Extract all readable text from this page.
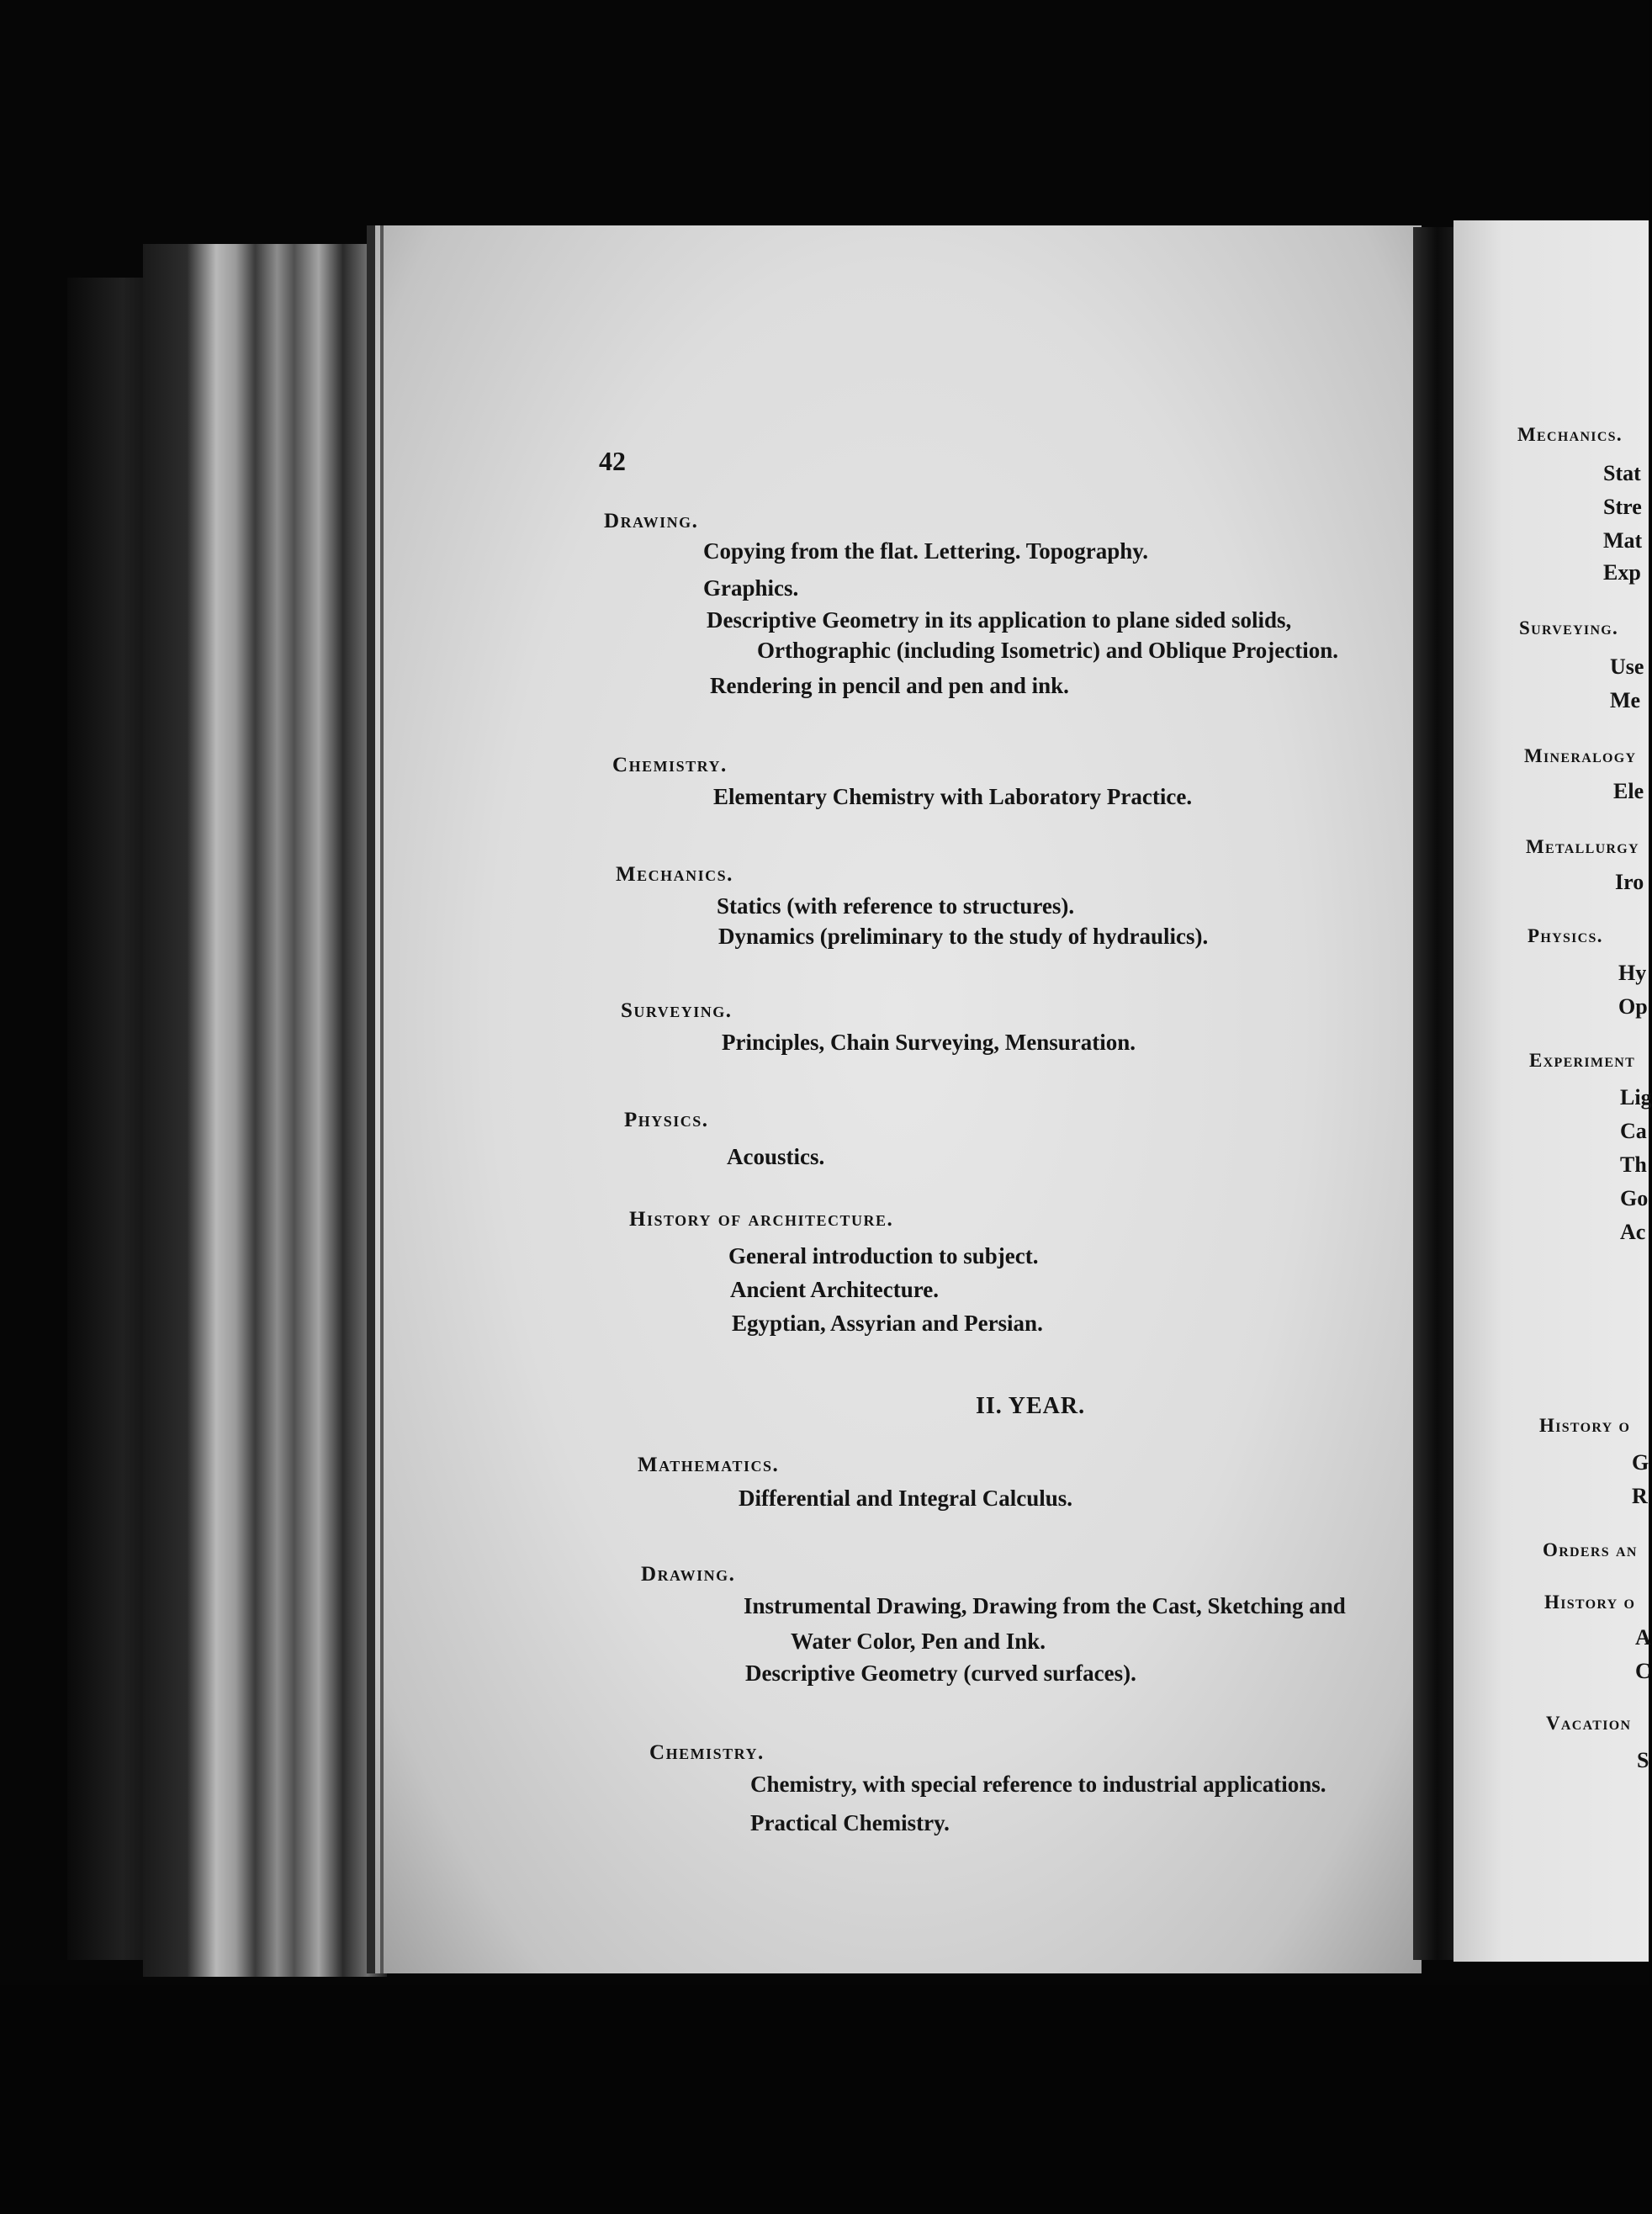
42

Drawing.

Copying from the flat. Lettering. Topography.

Graphics.

Descriptive Geometry in its application to plane sided solids,

Orthographic (including Isometric) and Oblique Projection.

Rendering in pencil and pen and ink.

Chemistry.

Elementary Chemistry with Laboratory Practice.

Mechanics.

Statics (with reference to structures).

Dynamics (preliminary to the study of hydraulics).

Surveying.

Principles, Chain Surveying, Mensuration.

Physics.

Acoustics.

History of architecture.

General introduction to subject.

Ancient Architecture.

Egyptian, Assyrian and Persian.

II. YEAR.

Mathematics.

Differential and Integral Calculus.

Drawing.

Instrumental Drawing, Drawing from the Cast, Sketching and

Water Color, Pen and Ink.

Descriptive Geometry (curved surfaces).

Chemistry.

Chemistry, with special reference to industrial applications.

Practical Chemistry.

Mechanics.

Stat

Stre

Mat

Exp

Surveying.

Use

Me

Mineralogy

Ele

Metallurgy

Iro

Physics.

Hy

Op

Experiment

Lig

Ca

Th

Go

Ac

History o

G

R

Orders an

History o

A

C

Vacation

S
